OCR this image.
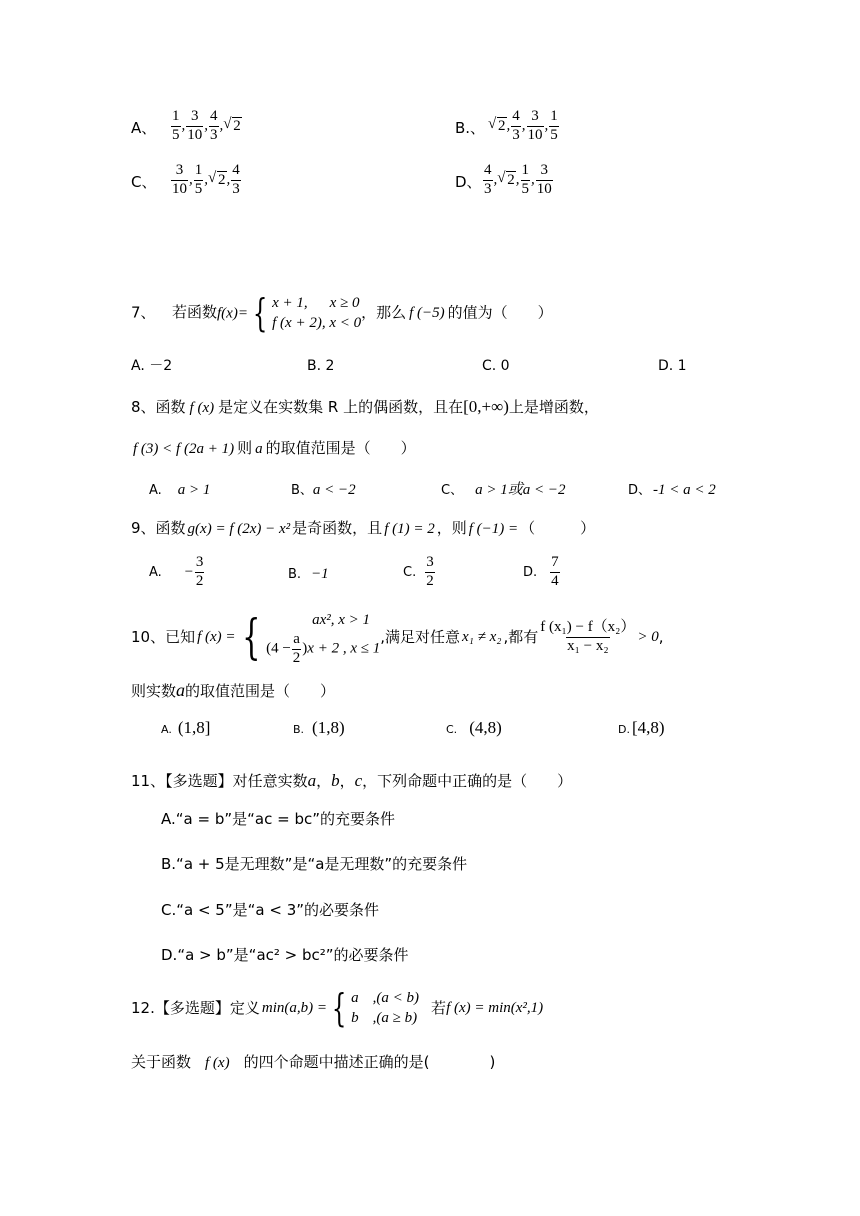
A、 $\frac{1}{5}$ , $\frac{3}{10}$ , $\frac{4}{3}$ , √ 2	B.、 √ 2, $\frac{4}{3}$ , $\frac{3}{10}$ , $\frac{1}{5}$
C、 $\frac{3}{10}$ , $\frac{1}{5}$ , √ 2, $\frac{4}{3}$	D、 $\frac{4}{3}$ , √ 2, $\frac{1}{5}$ , $\frac{3}{10}$
7、 若函数f(x)= { x + 1, x ≥ 0
f (x + 2), x < 0
，那么 f (−5) 的值为（　　）
A. －2	B. 2	C. 0	D. 1
8、函数 f (x) 是定义在实数集 R 上的偶函数，且在[0,+∞)上是增函数，
f (3) < f (2a + 1) 则 a 的取值范围是（　　）
A. a > 1	B、a < −2	C、 a > 1或a < −2	D、 -1 < a < 2
9、函数 g(x) = f (2x) − x² 是奇函数，且 f (1) = 2 ，则 f (−1) = （　　　）
A. − $\frac{3}{2}$	B. −1	C. $\frac{3}{2}$	D. $\frac{7}{4}$
10、已知 f (x) = {	ax², x > 1
$(4 - \frac{a}{2} )x + 2$ , x ≤ 1
,满足对任意 x₁ ≠ x₂ ,都有 $\frac{\text{f (x₁) − f（x₂）}}{\text{x₁ − x₂}} > 0$,
则实数a的取值范围是（　　）
A. (1,8]	B. (1,8)	C. (4,8)	D. [4,8)
11、【多选题】对任意实数a，b，c，下列命题中正确的是（　　）
A.“a = b”是“ac = bc”的充要条件
B.“a + 5是无理数”是“a是无理数”的充要条件
C.“a < 5”是“a < 3”的必要条件
D.“a > b”是“ac² > bc²”的必要条件
12.【多选题】定义 min(a,b) = { a ,(a < b)
b ,(a ≥ b)
若f (x) = min(x²,1)
关于函数 f (x) 的四个命题中描述正确的是(　　　　)
